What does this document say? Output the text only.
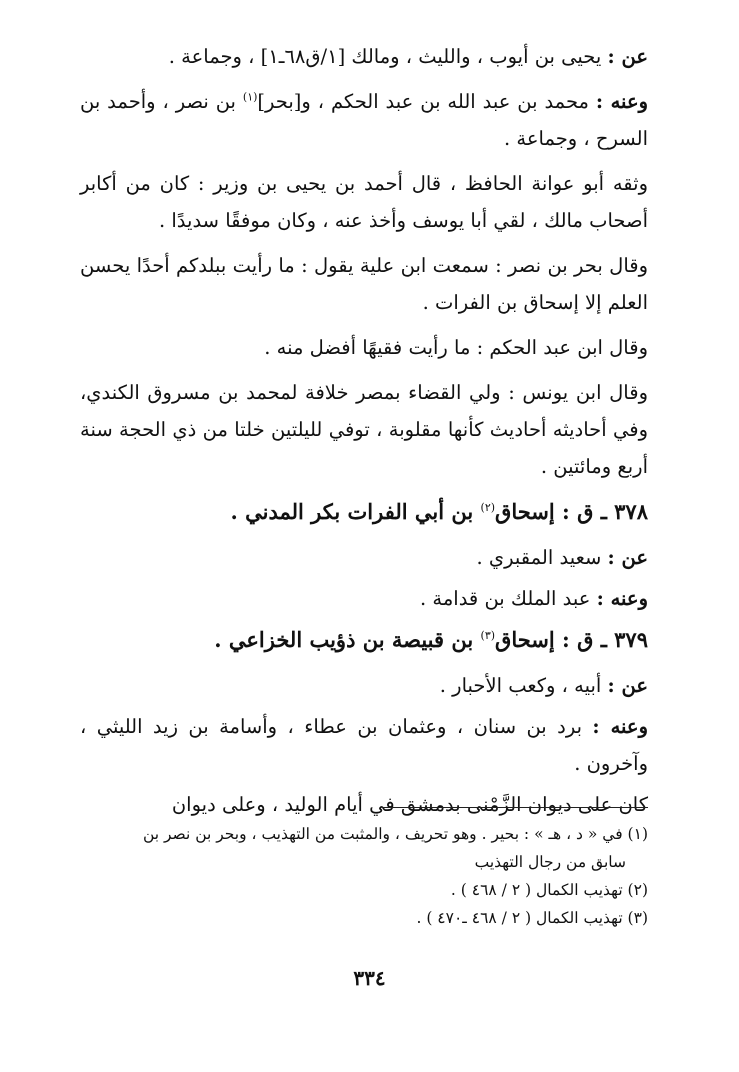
عن : يحيى بن أيوب ، والليث ، ومالك [١/ق٦٨ـ١] ، وجماعة .

وعنه : محمد بن عبد الله بن عبد الحكم ، و[بحر]$^{(١)}$ بن نصر ، وأحمد بن السرح ، وجماعة .

وثقه أبو عوانة الحافظ ، قال أحمد بن يحيى بن وزير : كان من أكابر أصحاب مالك ، لقي أبا يوسف وأخذ عنه ، وكان موفقًا سديدًا .

وقال بحر بن نصر : سمعت ابن علية يقول : ما رأيت ببلدكم أحدًا يحسن العلم إلا إسحاق بن الفرات .

وقال ابن عبد الحكم : ما رأيت فقيهًا أفضل منه .

وقال ابن يونس : ولي القضاء بمصر خلافة لمحمد بن مسروق الكندي، وفي أحاديثه أحاديث كأنها مقلوبة ، توفي لليلتين خلتا من ذي الحجة سنة أربع ومائتين .

٣٧٨ ـ ق : إسحاق$^{(٢)}$ بن أبي الفرات بكر المدني .

عن : سعيد المقبري .

وعنه : عبد الملك بن قدامة .

٣٧٩ ـ ق : إسحاق$^{(٣)}$ بن قبيصة بن ذؤيب الخزاعي .

عن : أبيه ، وكعب الأحبار .

وعنه : برد بن سنان ، وعثمان بن عطاء ، وأسامة بن زيد الليثي ، وآخرون .

كان على ديوان الزَّمْنى بدمشق في أيام الوليد ، وعلى ديوان

(١) في « د ، هـ » : بحير . وهو تحريف ، والمثبت من التهذيب ، وبحر بن نصر بن

سابق من رجال التهذيب

(٢) تهذيب الكمال ( ٢ / ٤٦٨ ) .

(٣) تهذيب الكمال ( ٢ / ٤٦٨ ـ٤٧٠ ) .

٣٣٤
